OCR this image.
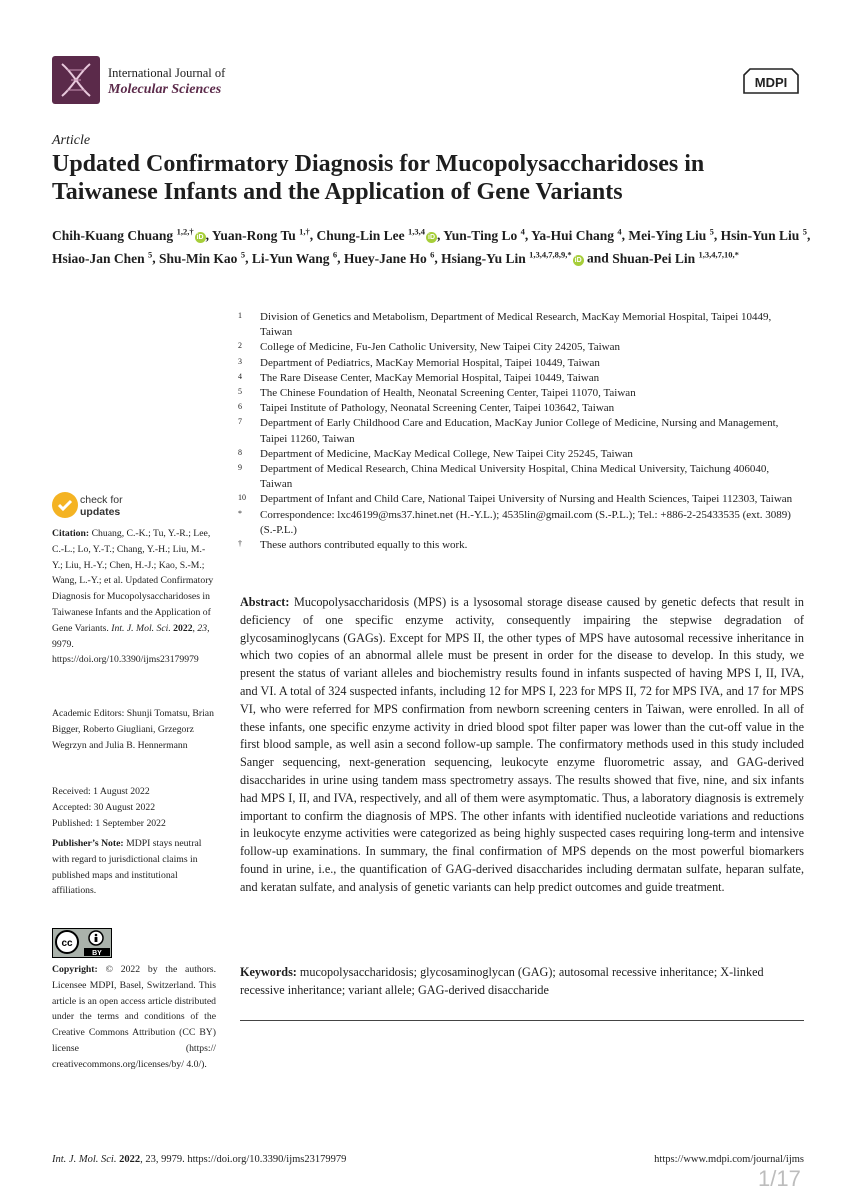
International Journal of
Molecular Sciences	MDPI
Article
Updated Confirmatory Diagnosis for Mucopolysaccharidoses in Taiwanese Infants and the Application of Gene Variants
Chih-Kuang Chuang $^{1,2,\dagger}$iD , Yuan-Rong Tu $^{1,\dagger}$, Chung-Lin Lee $^{1,3,4}$iD , Yun-Ting Lo $^4$, Ya-Hui Chang $^4$, Mei-Ying Liu $^5$, Hsin-Yun Liu $^5$, Hsiao-Jan Chen $^5$, Shu-Min Kao $^5$, Li-Yun Wang $^6$, Huey-Jane Ho $^6$, Hsiang-Yu Lin $^{1,3,4,7,8,9,*}$iD and Shuan-Pei Lin $^{1,3,4,7,10,*}$
1	Division of Genetics and Metabolism, Department of Medical Research, MacKay Memorial Hospital, Taipei 10449, Taiwan
2	College of Medicine, Fu-Jen Catholic University, New Taipei City 24205, Taiwan
3	Department of Pediatrics, MacKay Memorial Hospital, Taipei 10449, Taiwan
4	The Rare Disease Center, MacKay Memorial Hospital, Taipei 10449, Taiwan
5	The Chinese Foundation of Health, Neonatal Screening Center, Taipei 11070, Taiwan
6	Taipei Institute of Pathology, Neonatal Screening Center, Taipei 103642, Taiwan
7	Department of Early Childhood Care and Education, MacKay Junior College of Medicine, Nursing and Management, Taipei 11260, Taiwan
8	Department of Medicine, MacKay Medical College, New Taipei City 25245, Taiwan
9	Department of Medical Research, China Medical University Hospital, China Medical University, Taichung 406040, Taiwan
10	Department of Infant and Child Care, National Taipei University of Nursing and Health Sciences, Taipei 112303, Taiwan
*	Correspondence: lxc46199@ms37.hinet.net (H.-Y.L.); 4535lin@gmail.com (S.-P.L.); Tel.: +886-2-25433535 (ext. 3089) (S.-P.L.)
†	These authors contributed equally to this work.
check for
updates
Citation: Chuang, C.-K.; Tu, Y.-R.; Lee, C.-L.; Lo, Y.-T.; Chang, Y.-H.; Liu, M.-Y.; Liu, H.-Y.; Chen, H.-J.; Kao, S.-M.; Wang, L.-Y.; et al. Updated Confirmatory Diagnosis for Mucopolysaccharidoses in Taiwanese Infants and the Application of Gene Variants. Int. J. Mol. Sci. 2022, 23, 9979. https://doi.org/10.3390/ijms23179979
Academic Editors: Shunji Tomatsu, Brian Bigger, Roberto Giugliani, Grzegorz Wegrzyn and Julia B. Hennermann
Received: 1 August 2022
Accepted: 30 August 2022
Published: 1 September 2022
Publisher’s Note: MDPI stays neutral with regard to jurisdictional claims in published maps and institutional affiliations.
cc
BY
Copyright: © 2022 by the authors. Licensee MDPI, Basel, Switzerland. This article is an open access article distributed under the terms and conditions of the Creative Commons Attribution (CC BY) license (https:// creativecommons.org/licenses/by/ 4.0/).
Abstract: Mucopolysaccharidosis (MPS) is a lysosomal storage disease caused by genetic defects that result in deficiency of one specific enzyme activity, consequently impairing the stepwise degradation of glycosaminoglycans (GAGs). Except for MPS II, the other types of MPS have autosomal recessive inheritance in which two copies of an abnormal allele must be present in order for the disease to develop. In this study, we present the status of variant alleles and biochemistry results found in infants suspected of having MPS I, II, IVA, and VI. A total of 324 suspected infants, including 12 for MPS I, 223 for MPS II, 72 for MPS IVA, and 17 for MPS VI, who were referred for MPS confirmation from newborn screening centers in Taiwan, were enrolled. In all of these infants, one specific enzyme activity in dried blood spot filter paper was lower than the cut-off value in the first blood sample, as well asin a second follow-up sample. The confirmatory methods used in this study included Sanger sequencing, next-generation sequencing, leukocyte enzyme fluorometric assay, and GAG-derived disaccharides in urine using tandem mass spectrometry assays. The results showed that five, nine, and six infants had MPS I, II, and IVA, respectively, and all of them were asymptomatic. Thus, a laboratory diagnosis is extremely important to confirm the diagnosis of MPS. The other infants with identified nucleotide variations and reductions in leukocyte enzyme activities were categorized as being highly suspected cases requiring long-term and intensive follow-up examinations. In summary, the final confirmation of MPS depends on the most powerful biomarkers found in urine, i.e., the quantification of GAG-derived disaccharides including dermatan sulfate, heparan sulfate, and keratan sulfate, and analysis of genetic variants can help predict outcomes and guide treatment.
Keywords: mucopolysaccharidosis; glycosaminoglycan (GAG); autosomal recessive inheritance; X-linked recessive inheritance; variant allele; GAG-derived disaccharide
Int. J. Mol. Sci. 2022, 23, 9979. https://doi.org/10.3390/ijms23179979	https://www.mdpi.com/journal/ijms
1/17
